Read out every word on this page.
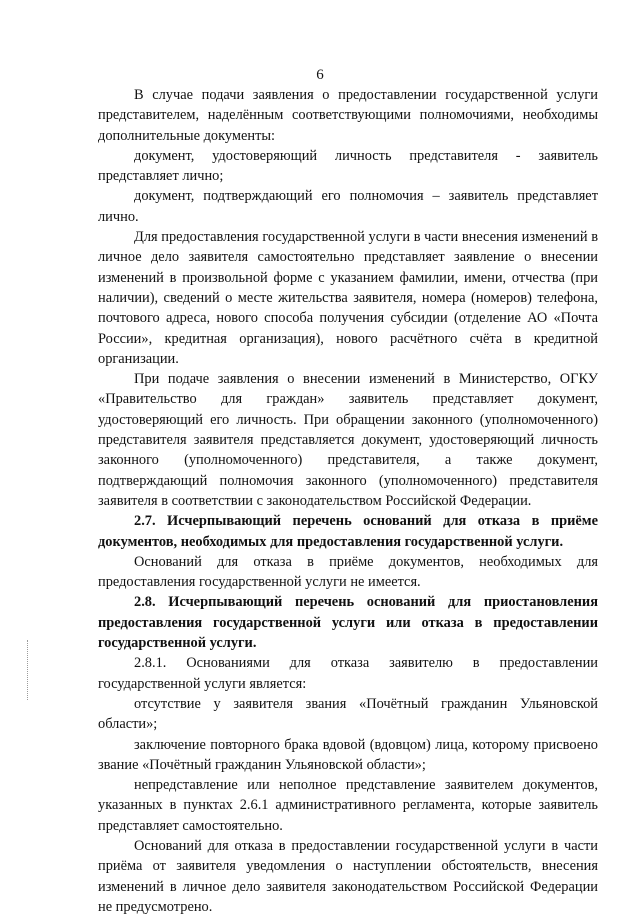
6

В случае подачи заявления о предоставлении государственной услуги представителем, наделённым соответствующими полномочиями, необходимы дополнительные документы:

документ, удостоверяющий личность представителя - заявитель представляет лично;

документ, подтверждающий его полномочия – заявитель представляет лично.

Для предоставления государственной услуги в части внесения изменений в личное дело заявителя самостоятельно представляет заявление о внесении изменений в произвольной форме с указанием фамилии, имени, отчества (при наличии), сведений о месте жительства заявителя, номера (номеров) телефона, почтового адреса, нового способа получения субсидии (отделение АО «Почта России», кредитная организация), нового расчётного счёта в кредитной организации.

При подаче заявления о внесении изменений в Министерство, ОГКУ «Правительство для граждан» заявитель представляет документ, удостоверяющий его личность. При обращении законного (уполномоченного) представителя заявителя представляется документ, удостоверяющий личность законного (уполномоченного) представителя, а также документ, подтверждающий полномочия законного (уполномоченного) представителя заявителя в соответствии с законодательством Российской Федерации.

2.7. Исчерпывающий перечень оснований для отказа в приёме документов, необходимых для предоставления государственной услуги.

Оснований для отказа в приёме документов, необходимых для предоставления государственной услуги не имеется.

2.8. Исчерпывающий перечень оснований для приостановления предоставления государственной услуги или отказа в предоставлении государственной услуги.

2.8.1. Основаниями для отказа заявителю в предоставлении государственной услуги является:

отсутствие у заявителя звания «Почётный гражданин Ульяновской области»;

заключение повторного брака вдовой (вдовцом) лица, которому присвоено звание «Почётный гражданин Ульяновской области»;

непредставление или неполное представление заявителем документов, указанных в пунктах 2.6.1 административного регламента, которые заявитель представляет самостоятельно.

Оснований для отказа в предоставлении государственной услуги в части приёма от заявителя уведомления о наступлении обстоятельств, внесения изменений в личное дело заявителя законодательством Российской Федерации не предусмотрено.
